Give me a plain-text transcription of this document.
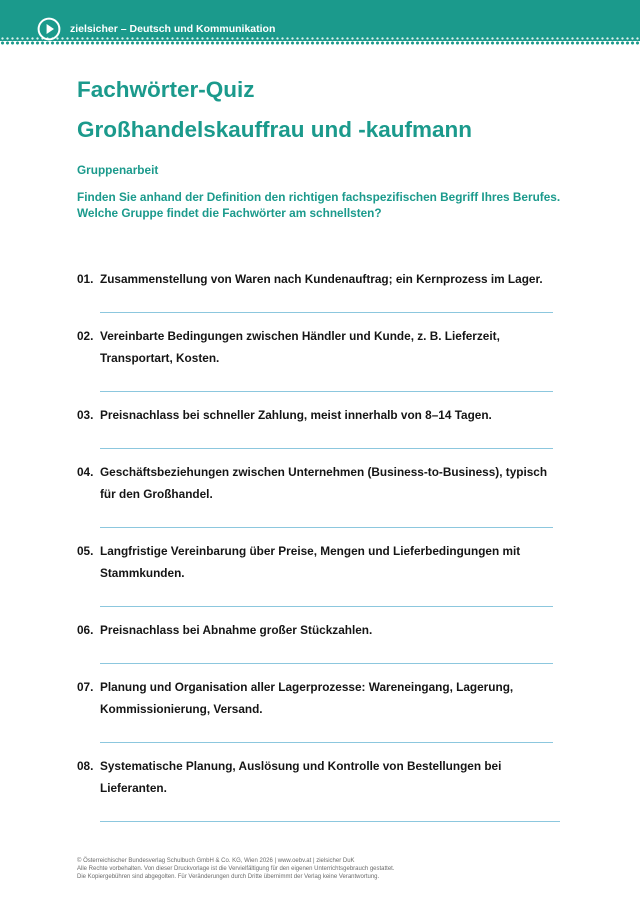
zielsicher – Deutsch und Kommunikation
Fachwörter-Quiz
Großhandelskauffrau und -kaufmann
Gruppenarbeit
Finden Sie anhand der Definition den richtigen fachspezifischen Begriff Ihres Berufes.
Welche Gruppe findet die Fachwörter am schnellsten?
01. Zusammenstellung von Waren nach Kundenauftrag; ein Kernprozess im Lager.
02. Vereinbarte Bedingungen zwischen Händler und Kunde, z. B. Lieferzeit,
Transportart, Kosten.
03. Preisnachlass bei schneller Zahlung, meist innerhalb von 8–14 Tagen.
04. Geschäftsbeziehungen zwischen Unternehmen (Business-to-Business), typisch
für den Großhandel.
05. Langfristige Vereinbarung über Preise, Mengen und Lieferbedingungen mit
Stammkunden.
06. Preisnachlass bei Abnahme großer Stückzahlen.
07. Planung und Organisation aller Lagerprozesse: Wareneingang, Lagerung,
Kommissionierung, Versand.
08. Systematische Planung, Auslösung und Kontrolle von Bestellungen bei
Lieferanten.
© Österreichischer Bundesverlag Schulbuch GmbH & Co. KG, Wien 2026 | www.oebv.at | zielsicher DuK
Alle Rechte vorbehalten. Von dieser Druckvorlage ist die Vervielfältigung für den eigenen Unterrichtsgebrauch gestattet.
Die Kopiergebühren sind abgegolten. Für Veränderungen durch Dritte übernimmt der Verlag keine Verantwortung.
